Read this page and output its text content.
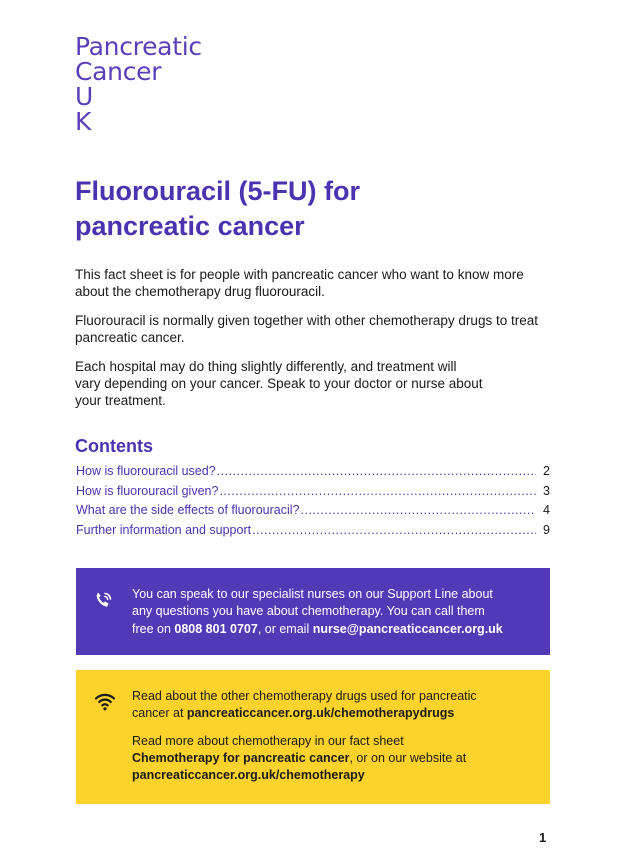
Pancreatic
Cancer
U
K
Fluorouracil (5-FU) for
pancreatic cancer

This fact sheet is for people with pancreatic cancer who want to know more about the chemotherapy drug fluorouracil.

Fluorouracil is normally given together with other chemotherapy drugs to treat pancreatic cancer.

Each hospital may do thing slightly differently, and treatment will
vary depending on your cancer. Speak to your doctor or nurse about
your treatment.

Contents
How is fluorouracil used? .....	2
How is fluorouracil given? .....	3
What are the side effects of fluorouracil? .....	4
Further information and support .....	9
You can speak to our specialist nurses on our Support Line about
any questions you have about chemotherapy. You can call them
free on 0808 801 0707, or email nurse@pancreaticcancer.org.uk
Read about the other chemotherapy drugs used for pancreatic
cancer at pancreaticcancer.org.uk/chemotherapydrugs
Read more about chemotherapy in our fact sheet
Chemotherapy for pancreatic cancer, or on our website at
pancreaticcancer.org.uk/chemotherapy
1
